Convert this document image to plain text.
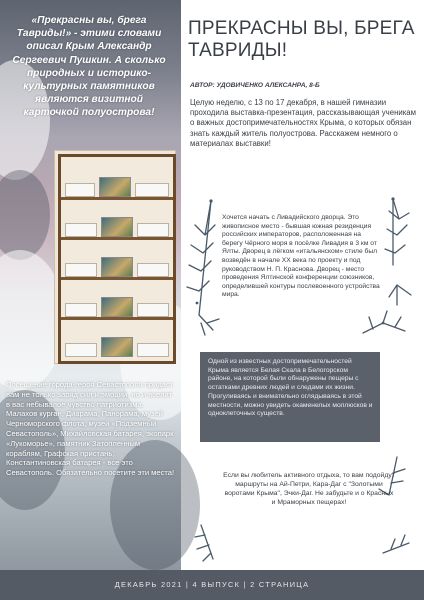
«Прекрасны вы, брега Тавриды!» - этими словами описал Крым Александр Сергеевич Пушкин. А сколько природных и историко-культурных памятников являются визитной карточкой полуострова!
Посещение города-героя Севастополя придаст вам не только заряд сил и эмоций, но и вселит в вас небывалое чувство патриотизма. Малахов курган, Диарама, Панорама, музей Черноморского флота, музей «Подземный Севастополь», Михайловская батарея, экопарк «Лукоморье», памятник Затопленным кораблям, Графская пристань, Константиновская батарея - все это Севастополь. Обязательно посетите эти места!
ПРЕКРАСНЫ ВЫ, БРЕГА ТАВРИДЫ!
АВТОР: УДОВИЧЕНКО АЛЕКСАНРА, 8-Б
Целую неделю, с 13 по 17 декабря, в нашей гимназии проходила выставка-презентация, рассказывающая ученикам о важных достопримечательностях Крыма, о которых обязан знать каждый житель полуострова. Расскажем немного о материалах выставки!
Хочется начать с Ливадийского дворца. Это живописное место - бывшая южная резиденция российских императоров, расположенная на берегу Чёрного моря в посёлке Ливадия в 3 км от Ялты. Дворец в лёгком «итальянском» стиле был возведён в начале XX века по проекту и под руководством Н. П. Краснова. Дворец - место проведения Ялтинской конференции союзников, определившей контуры послевоенного устройства мира.
Одной из известных достопримечательностей Крыма является Белая Скала в Белогорском районе, на которой были обнаружены пещеры с остатками древних людей и следами их жизни. Прогуливаясь и внимательно оглядываясь в этой местности, можно увидеть окаменелых моллюсков и одноклеточных существ.
Если вы любитель активного отдыха, то вам подойдут маршруты на Ай-Петри, Кара-Даг с "Золотыми воротами Крыма", Эчки-Даг. Не забудьте и о Красных и Мраморных пещерах!
ДЕКАБРЬ 2021 | 4 ВЫПУСК | 2 СТРАНИЦА
